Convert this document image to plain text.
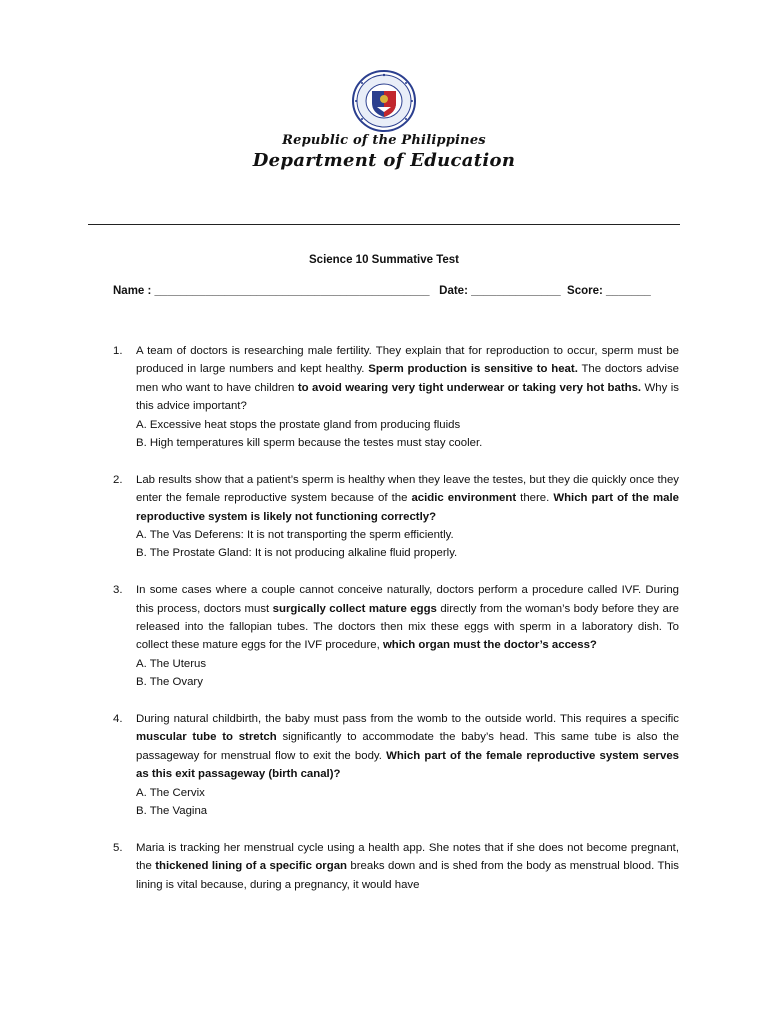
Republic of the Philippines
Department of Education
Science 10 Summative Test
Name : ___________________________________________ Date: ______________ Score: _______
1. A team of doctors is researching male fertility. They explain that for reproduction to occur, sperm must be produced in large numbers and kept healthy. Sperm production is sensitive to heat. The doctors advise men who want to have children to avoid wearing very tight underwear or taking very hot baths. Why is this advice important?
A. Excessive heat stops the prostate gland from producing fluids
B. High temperatures kill sperm because the testes must stay cooler.
2. Lab results show that a patient’s sperm is healthy when they leave the testes, but they die quickly once they enter the female reproductive system because of the acidic environment there. Which part of the male reproductive system is likely not functioning correctly?
A. The Vas Deferens: It is not transporting the sperm efficiently.
B. The Prostate Gland: It is not producing alkaline fluid properly.
3. In some cases where a couple cannot conceive naturally, doctors perform a procedure called IVF. During this process, doctors must surgically collect mature eggs directly from the woman’s body before they are released into the fallopian tubes. The doctors then mix these eggs with sperm in a laboratory dish. To collect these mature eggs for the IVF procedure, which organ must the doctor’s access?
A. The Uterus
B. The Ovary
4. During natural childbirth, the baby must pass from the womb to the outside world. This requires a specific muscular tube to stretch significantly to accommodate the baby’s head. This same tube is also the passageway for menstrual flow to exit the body. Which part of the female reproductive system serves as this exit passageway (birth canal)?
A. The Cervix
B. The Vagina
5. Maria is tracking her menstrual cycle using a health app. She notes that if she does not become pregnant, the thickened lining of a specific organ breaks down and is shed from the body as menstrual blood. This lining is vital because, during a pregnancy, it would have
